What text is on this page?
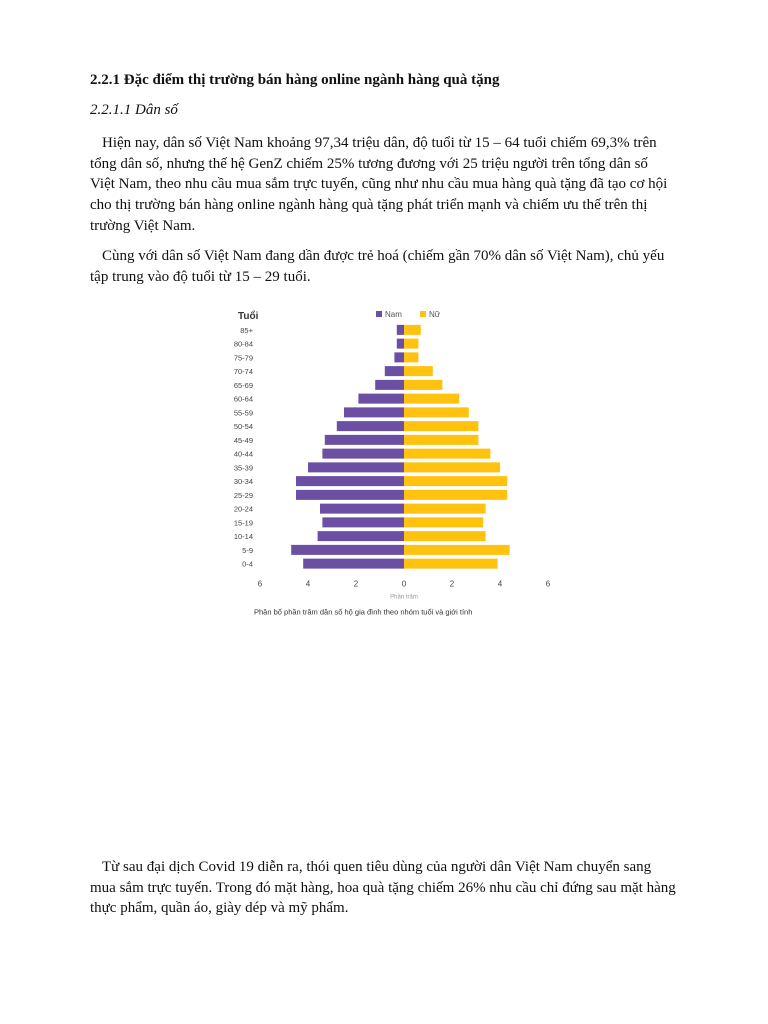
2.2.1 Đặc điểm thị trường bán hàng online ngành hàng quà tặng
2.2.1.1 Dân số

Hiện nay, dân số Việt Nam khoảng 97,34 triệu dân, độ tuổi từ 15 – 64 tuổi chiếm 69,3% trên tổng dân số, nhưng thế hệ GenZ chiếm 25% tương đương với 25 triệu người trên tổng dân số Việt Nam, theo nhu cầu mua sắm trực tuyến, cũng như nhu cầu mua hàng quà tặng đã tạo cơ hội cho thị trường bán hàng online ngành hàng quà tặng phát triển mạnh và chiếm ưu thế trên thị trường Việt Nam.

Cùng với dân số Việt Nam đang dần được trẻ hoá (chiếm gần 70% dân số Việt Nam), chủ yếu tập trung vào độ tuổi từ 15 – 29 tuổi.

Tuổi	Nam	Nữ
85+
80-84
75-79
70-74
65-69
60-64
55-59
50-54
45-49
40-44
35-39
30-34
25-29
20-24
15-19
10-14
5-9
0-4
6	4	2	0	2	4	6
Phần trăm
Phân bố phần trăm dân số hộ gia đình theo nhóm tuổi và giới tính

Từ sau đại dịch Covid 19 diễn ra, thói quen tiêu dùng của người dân Việt Nam chuyển sang mua sắm trực tuyến. Trong đó mặt hàng, hoa quà tặng chiếm 26% nhu cầu chỉ đứng sau mặt hàng thực phẩm, quần áo, giày dép và mỹ phẩm.
